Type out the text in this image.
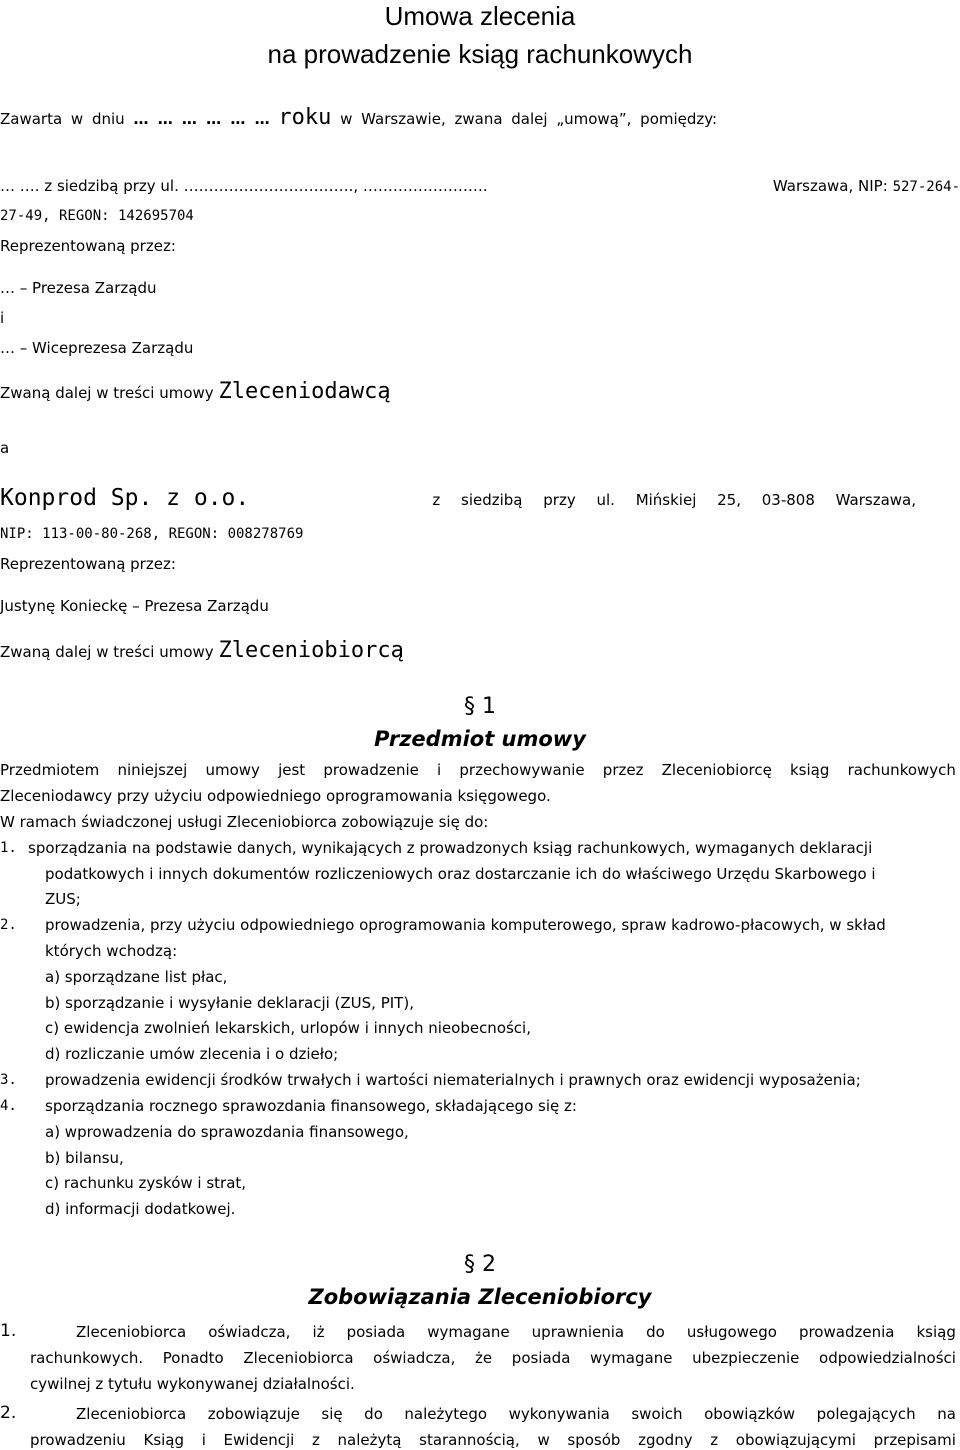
Umowa zlecenia
na prowadzenie ksiąg rachunkowych
Zawarta w dniu … … … … … … roku w Warszawie, zwana dalej „umową”, pomiędzy:
… …. z siedzibą przy ul. ……………………………., …………………….	Warszawa, NIP: 527-264-
27-49, REGON: 142695704
Reprezentowaną przez:
… – Prezesa Zarządu
i
… – Wiceprezesa Zarządu
Zwaną dalej w treści umowy Zleceniodawcą
a
Konprod Sp. z o.o.	z siedzibą przy ul. Mińskiej 25, 03-808 Warszawa,
NIP: 113-00-80-268, REGON: 008278769
Reprezentowaną przez:
Justynę Konieckę – Prezesa Zarządu
Zwaną dalej w treści umowy Zleceniobiorcą
§ 1
Przedmiot umowy
Przedmiotem niniejszej umowy jest prowadzenie i przechowywanie przez Zleceniobiorcę ksiąg rachunkowych
Zleceniodawcy przy użyciu odpowiedniego oprogramowania księgowego.
W ramach świadczonej usługi Zleceniobiorca zobowiązuje się do:
1. sporządzania na podstawie danych, wynikających z prowadzonych ksiąg rachunkowych, wymaganych deklaracji
podatkowych i innych dokumentów rozliczeniowych oraz dostarczanie ich do właściwego Urzędu Skarbowego i
ZUS;
2. prowadzenia, przy użyciu odpowiedniego oprogramowania komputerowego, spraw kadrowo-płacowych, w skład
których wchodzą:
a) sporządzane list płac,
b) sporządzanie i wysyłanie deklaracji (ZUS, PIT),
c) ewidencja zwolnień lekarskich, urlopów i innych nieobecności,
d) rozliczanie umów zlecenia i o dzieło;
3. prowadzenia ewidencji środków trwałych i wartości niematerialnych i prawnych oraz ewidencji wyposażenia;
4. sporządzania rocznego sprawozdania finansowego, składającego się z:
a) wprowadzenia do sprawozdania finansowego,
b) bilansu,
c) rachunku zysków i strat,
d) informacji dodatkowej.
§ 2
Zobowiązania Zleceniobiorcy
1.	Zleceniobiorca oświadcza, iż posiada wymagane uprawnienia do usługowego prowadzenia ksiąg
rachunkowych. Ponadto Zleceniobiorca oświadcza, że posiada wymagane ubezpieczenie odpowiedzialności
cywilnej z tytułu wykonywanej działalności.
2.	Zleceniobiorca zobowiązuje się do należytego wykonywania swoich obowiązków polegających na
prowadzeniu Ksiąg i Ewidencji z należytą starannością, w sposób zgodny z obowiązującymi przepisami
